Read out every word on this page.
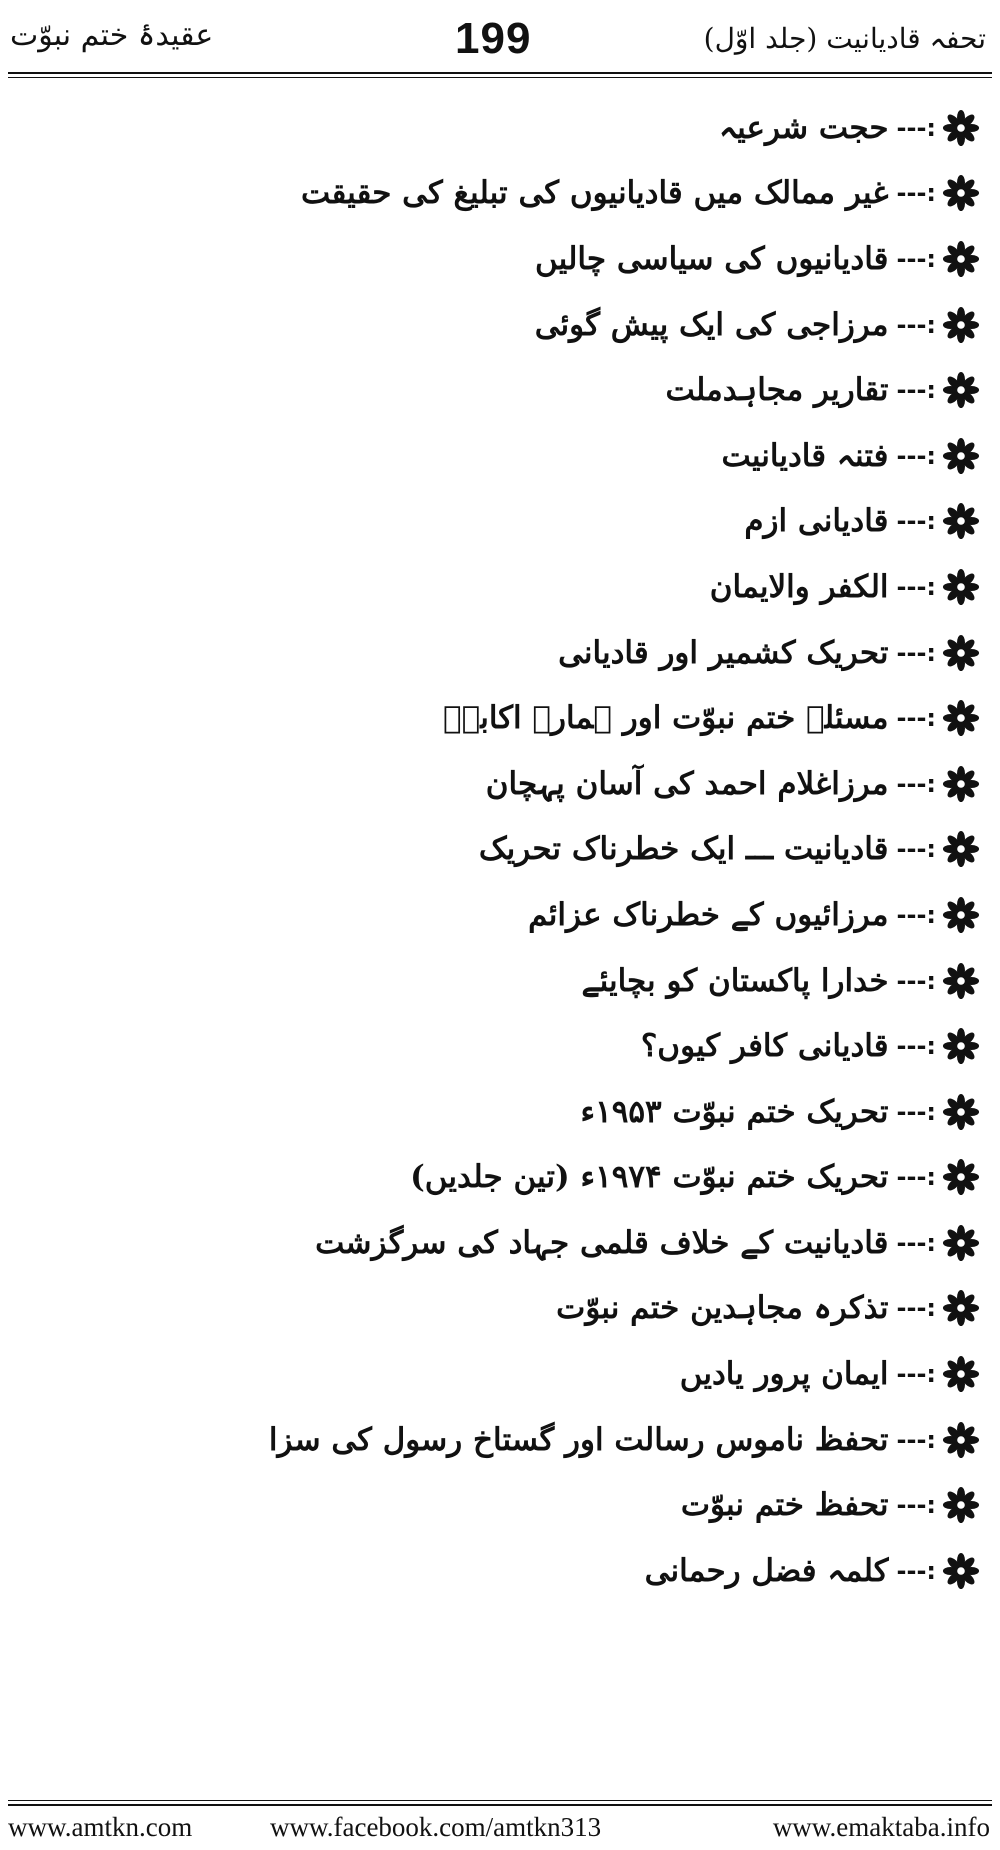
عقیدۂ ختم نبوّت	199	تحفہ قادیانیت (جلد اوّل)
:---
حجت شرعیہ
:---
غیر ممالک میں قادیانیوں کی تبلیغ کی حقیقت
:---
قادیانیوں کی سیاسی چالیں
:---
مرزاجی کی ایک پیش گوئی
:---
تقاریر مجاہدملت
:---
فتنہ قادیانیت
:---
قادیانی ازم
:---
الکفر والایمان
:---
تحریک کشمیر اور قادیانی
:---
مسئلہ ختم نبوّت اور ہمارے اکابرؒ
:---
مرزاغلام احمد کی آسان پہچان
:---
قادیانیت ـــ ایک خطرناک تحریک
:---
مرزائیوں کے خطرناک عزائم
:---
خدارا پاکستان کو بچایئے
:---
قادیانی کافر کیوں؟
:---
تحریک ختم نبوّت ۱۹۵۳ء
:---
تحریک ختم نبوّت ۱۹۷۴ء (تین جلدیں)
:---
قادیانیت کے خلاف قلمی جہاد کی سرگزشت
:---
تذکرہ مجاہدین ختم نبوّت
:---
ایمان پرور یادیں
:---
تحفظ ناموس رسالت اور گستاخ رسول کی سزا
:---
تحفظ ختم نبوّت
:---
کلمہ فضل رحمانی
www.amtkn.com	www.facebook.com/amtkn313	www.emaktaba.info
